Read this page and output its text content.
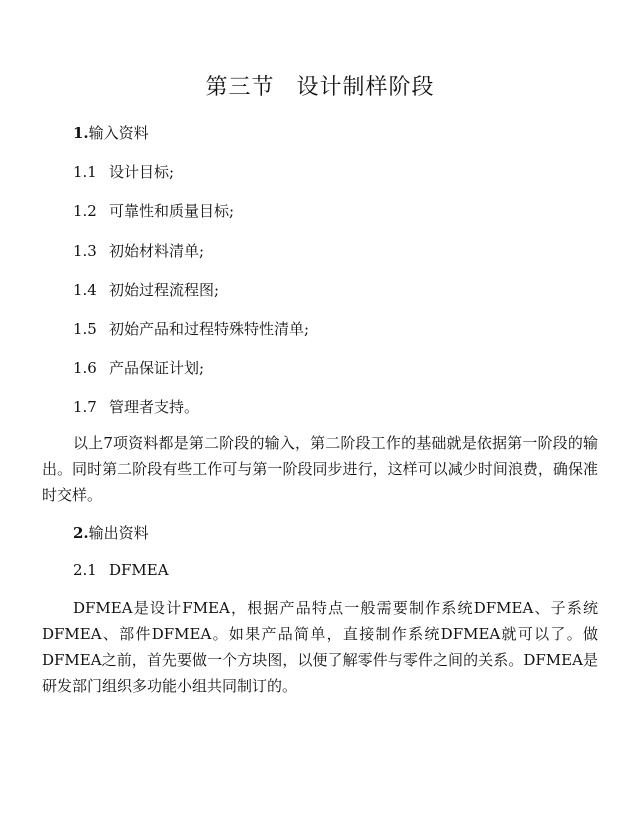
第三节 设计制样阶段
1.输入资料
1.1 设计目标;
1.2 可靠性和质量目标;
1.3 初始材料清单;
1.4 初始过程流程图;
1.5 初始产品和过程特殊特性清单;
1.6 产品保证计划;
1.7 管理者支持。
以上7项资料都是第二阶段的输入，第二阶段工作的基础就是依据第一阶段的输出。同时第二阶段有些工作可与第一阶段同步进行，这样可以减少时间浪费，确保准时交样。
2.输出资料
2.1 DFMEA
DFMEA是设计FMEA，根据产品特点一般需要制作系统DFMEA、子系统DFMEA、部件DFMEA。如果产品简单，直接制作系统DFMEA就可以了。做DFMEA之前，首先要做一个方块图，以便了解零件与零件之间的关系。DFMEA是研发部门组织多功能小组共同制订的。
